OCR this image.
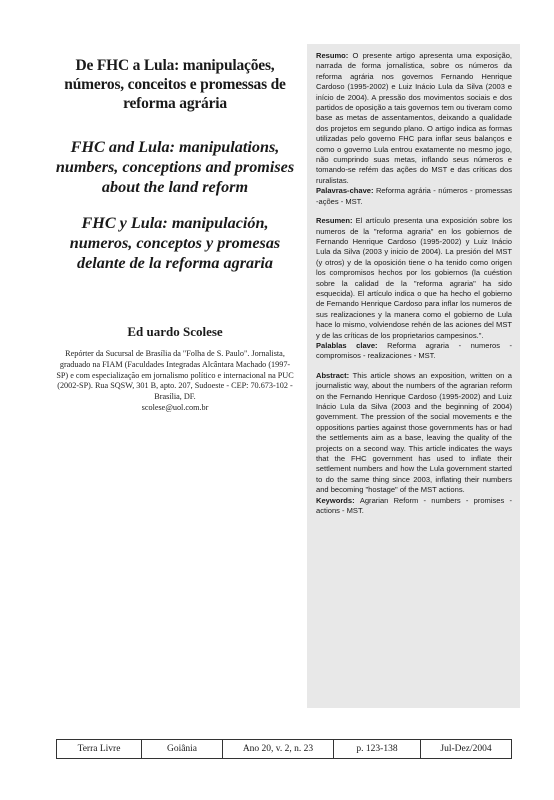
De FHC a Lula: manipulações, números, conceitos e promessas de reforma agrária
FHC and Lula: manipulations, numbers, conceptions and promises about the land reform
FHC y Lula: manipulación, numeros, conceptos y promesas delante de la reforma agraria
Ed uardo Scolese
Repórter da Sucursal de Brasília da "Folha de S. Paulo". Jornalista, graduado na FIAM (Faculdades Integradas Alcântara Machado (1997-SP) e com especialização em jornalismo político e internacional na PUC (2002-SP). Rua SQSW, 301 B, apto. 207, Sudoeste - CEP: 70.673-102 - Brasília, DF.
scolese@uol.com.br

Resumo: O presente artigo apresenta uma exposição, narrada de forma jornalística, sobre os números da reforma agrária nos governos Fernando Henrique Cardoso (1995-2002) e Luiz Inácio Lula da Silva (2003 e início de 2004). A pressão dos movimentos sociais e dos partidos de oposição a tais governos tem ou tiveram como base as metas de assentamentos, deixando a qualidade dos projetos em segundo plano. O artigo indica as formas utilizadas pelo governo FHC para inflar seus balanços e como o governo Lula entrou exatamente no mesmo jogo, não cumprindo suas metas, inflando seus números e tomando-se refém das ações do MST e das críticas dos ruralistas.

Palavras-chave: Reforma agrária - números - promessas -ações - MST.

Resumen: El artículo presenta una exposición sobre los numeros de la "reforma agraria" en los gobiernos de Fernando Henrique Cardoso (1995-2002) y Luiz Inácio Lula da Silva (2003 y inicio de 2004). La presión del MST (y otros) y de la oposición tiene o ha tenido como origen los compromisos hechos por los gobiernos (la cuéstion sobre la calidad de la "reforma agraria" ha sido esquecida). El artículo indica o que ha hecho el gobierno de Fernando Henrique Cardoso para inflar los numeros de sus realizaciones y la manera como el gobierno de Lula hace lo mismo, volviendose rehén de las aciones del MST y de las críticas de los proprietarios campesinos.".

Palablas clave: Reforma agraria - numeros - compromisos - realizaciones - MST.

Abstract: This article shows an exposition, written on a journalistic way, about the numbers of the agrarian reform on the Fernando Henrique Cardoso (1995-2002) and Luiz Inácio Lula da Silva (2003 and the beginning of 2004) government. The pression of the social movements e the oppositions parties against those governments has or had the settlements aim as a base, leaving the quality of the projects on a second way. This article indicates the ways that the FHC government has used to inflate their settlement numbers and how the Lula government started to do the same thing since 2003, inflating their numbers and becoming "hostage" of the MST actions.

Keywords: Agrarian Reform - numbers - promises - actions - MST.

Terra Livre	Goiânia	Ano 20, v. 2, n. 23	p. 123-138	Jul-Dez/2004
